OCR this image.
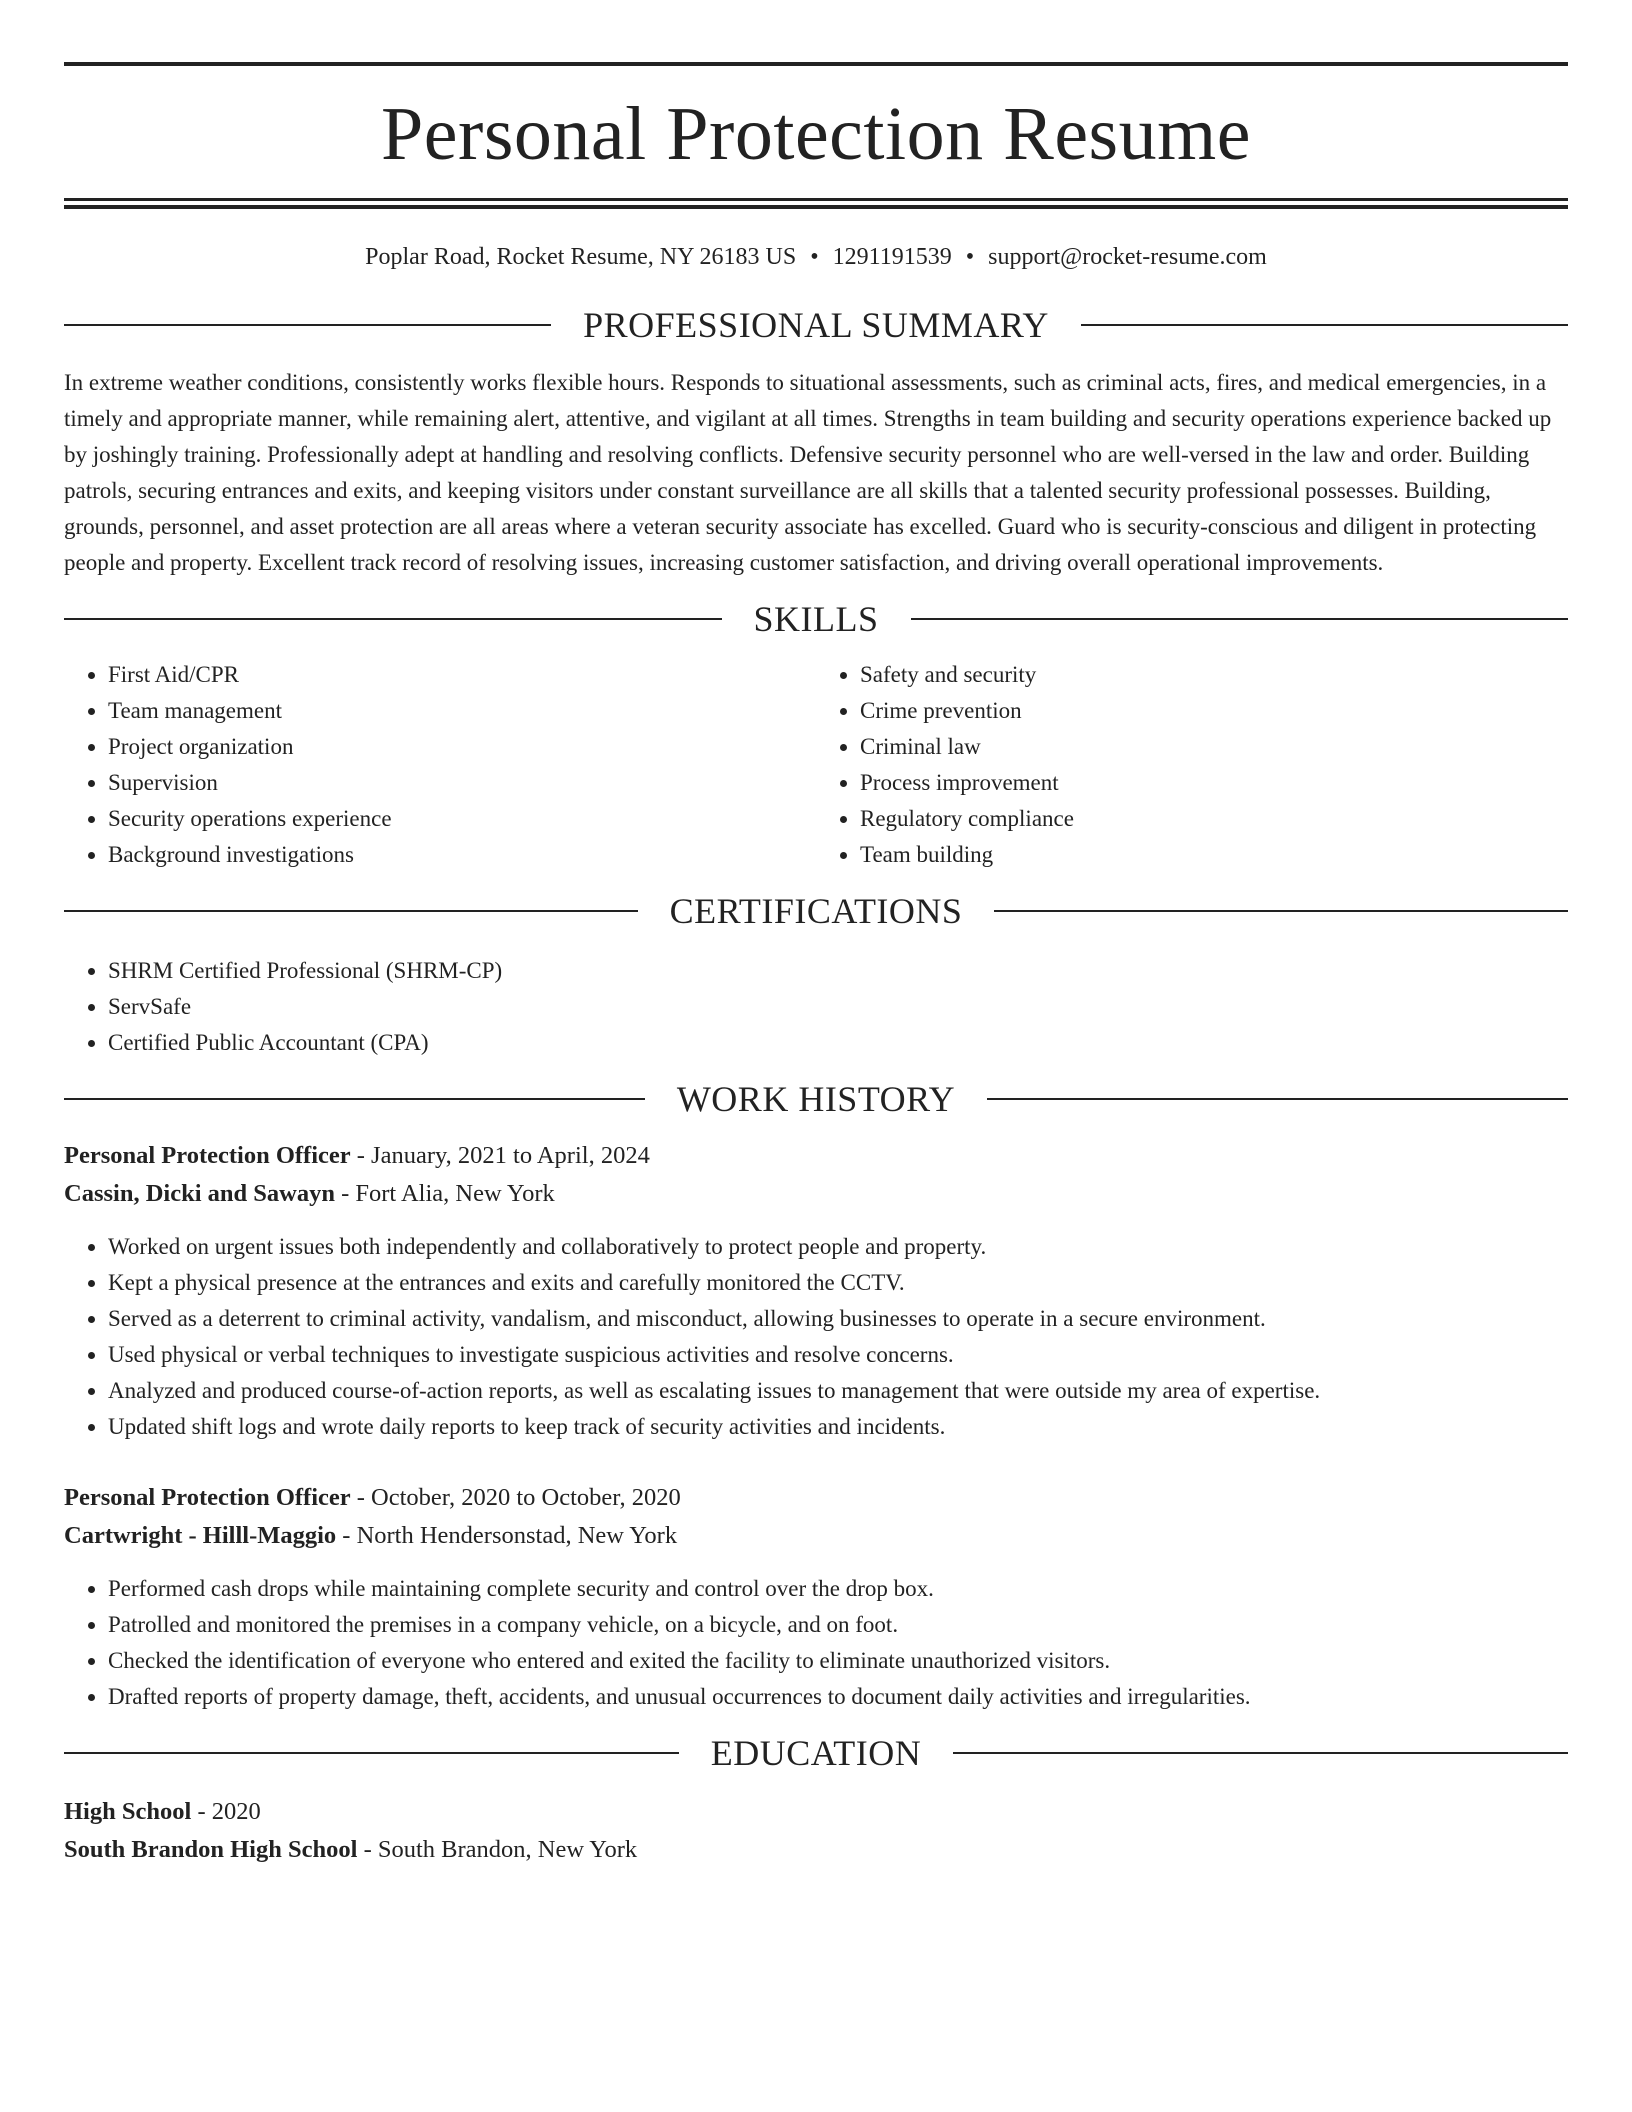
Personal Protection Resume
Poplar Road, Rocket Resume, NY 26183 US • 1291191539 • support@rocket-resume.com
PROFESSIONAL SUMMARY

In extreme weather conditions, consistently works flexible hours. Responds to situational assessments, such as criminal acts, fires, and medical emergencies, in a timely and appropriate manner, while remaining alert, attentive, and vigilant at all times. Strengths in team building and security operations experience backed up by joshingly training. Professionally adept at handling and resolving conflicts. Defensive security personnel who are well-versed in the law and order. Building patrols, securing entrances and exits, and keeping visitors under constant surveillance are all skills that a talented security professional possesses. Building, grounds, personnel, and asset protection are all areas where a veteran security associate has excelled. Guard who is security-conscious and diligent in protecting people and property. Excellent track record of resolving issues, increasing customer satisfaction, and driving overall operational improvements.

SKILLS
• First Aid/CPR
• Team management
• Project organization
• Supervision
• Security operations experience
• Background investigations
• Safety and security
• Crime prevention
• Criminal law
• Process improvement
• Regulatory compliance
• Team building
CERTIFICATIONS
• SHRM Certified Professional (SHRM-CP)
• ServSafe
• Certified Public Accountant (CPA)
WORK HISTORY
Personal Protection Officer - January, 2021 to April, 2024
Cassin, Dicki and Sawayn - Fort Alia, New York
• Worked on urgent issues both independently and collaboratively to protect people and property.
• Kept a physical presence at the entrances and exits and carefully monitored the CCTV.
• Served as a deterrent to criminal activity, vandalism, and misconduct, allowing businesses to operate in a secure environment.
• Used physical or verbal techniques to investigate suspicious activities and resolve concerns.
• Analyzed and produced course-of-action reports, as well as escalating issues to management that were outside my area of expertise.
• Updated shift logs and wrote daily reports to keep track of security activities and incidents.
Personal Protection Officer - October, 2020 to October, 2020
Cartwright - Hilll-Maggio - North Hendersonstad, New York
• Performed cash drops while maintaining complete security and control over the drop box.
• Patrolled and monitored the premises in a company vehicle, on a bicycle, and on foot.
• Checked the identification of everyone who entered and exited the facility to eliminate unauthorized visitors.
• Drafted reports of property damage, theft, accidents, and unusual occurrences to document daily activities and irregularities.
EDUCATION
High School - 2020
South Brandon High School - South Brandon, New York
